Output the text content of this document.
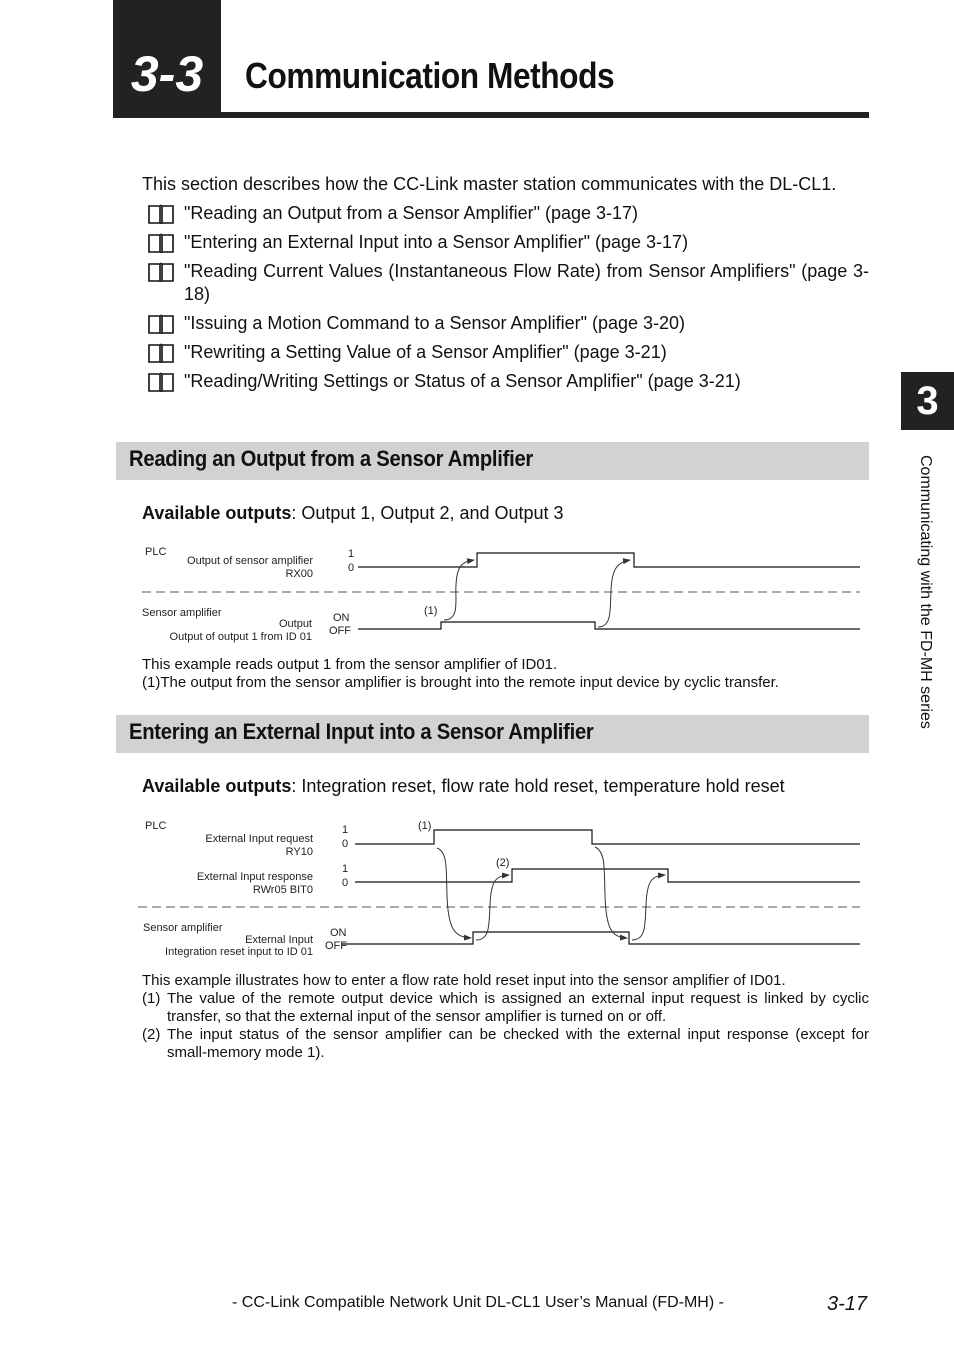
3-3 Communication Methods
3
Communicating with the FD-MH series
This section describes how the CC-Link master station communicates with the DL-CL1.
"Reading an Output from a Sensor Amplifier" (page 3-17)
"Entering an External Input into a Sensor Amplifier" (page 3-17)
"Reading Current Values (Instantaneous Flow Rate) from Sensor Amplifiers" (page 3-18)
"Issuing a Motion Command to a Sensor Amplifier" (page 3-20)
"Rewriting a Setting Value of a Sensor Amplifier" (page 3-21)
"Reading/Writing Settings or Status of a Sensor Amplifier" (page 3-21)
Reading an Output from a Sensor Amplifier
Available outputs: Output 1, Output 2, and Output 3
PLC
Output of sensor amplifier
RX00
1
0
Sensor amplifier
Output
Output of output 1 from ID 01
ON
OFF
(1)
PLC
External Input request
RY10
1
0
External Input response
RWr05 BIT0
1
0
(1)
(2)
Sensor amplifier
External Input
Integration reset input to ID 01
ON
OFF
This example reads output 1 from the sensor amplifier of ID01.
(1)The output from the sensor amplifier is brought into the remote input device by cyclic transfer.
Entering an External Input into a Sensor Amplifier
Available outputs: Integration reset, flow rate hold reset, temperature hold reset
This example illustrates how to enter a flow rate hold reset input into the sensor amplifier of ID01.
(1) The value of the remote output device which is assigned an external input request is linked by cyclic transfer, so that the external input of the sensor amplifier is turned on or off.
(2) The input status of the sensor amplifier can be checked with the external input response (except for small-memory mode 1).
- CC-Link Compatible Network Unit DL-CL1 User’s Manual (FD-MH) -	3-17
